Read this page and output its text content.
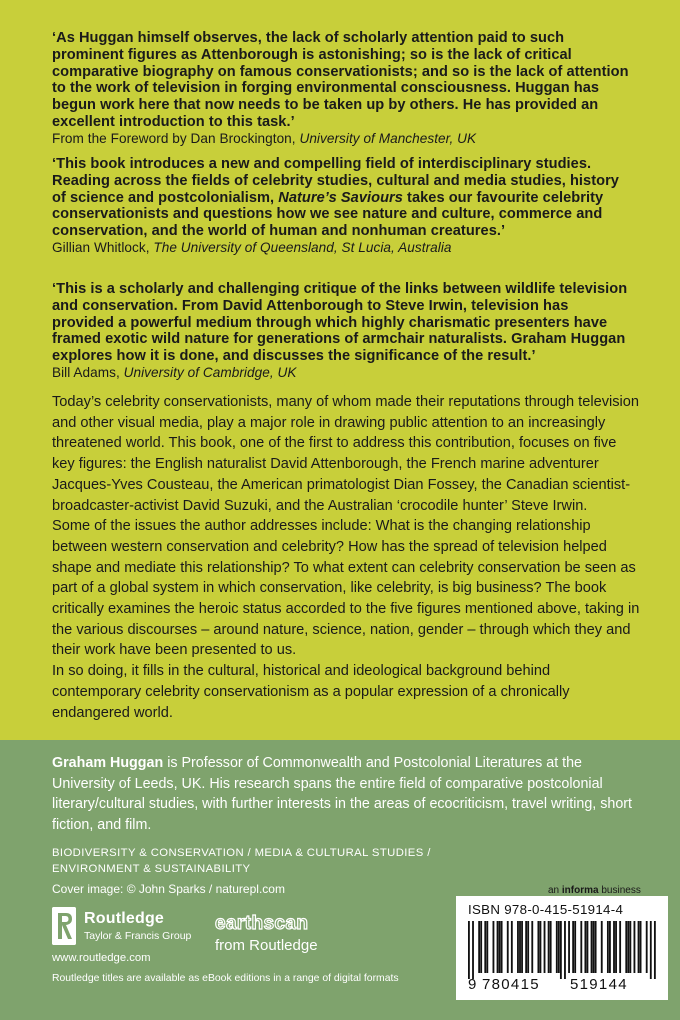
‘As Huggan himself observes, the lack of scholarly attention paid to such prominent figures as Attenborough is astonishing; so is the lack of critical comparative biography on famous conservationists; and so is the lack of attention to the work of television in forging environmental consciousness. Huggan has begun work here that now needs to be taken up by others. He has provided an excellent introduction to this task.’
From the Foreword by Dan Brockington, University of Manchester, UK
‘This book introduces a new and compelling field of interdisciplinary studies. Reading across the fields of celebrity studies, cultural and media studies, history of science and postcolonialism, Nature’s Saviours takes our favourite celebrity conservationists and questions how we see nature and culture, commerce and conservation, and the world of human and nonhuman creatures.’
Gillian Whitlock, The University of Queensland, St Lucia, Australia
‘This is a scholarly and challenging critique of the links between wildlife television and conservation. From David Attenborough to Steve Irwin, television has provided a powerful medium through which highly charismatic presenters have framed exotic wild nature for generations of armchair naturalists. Graham Huggan explores how it is done, and discusses the significance of the result.’
Bill Adams, University of Cambridge, UK
Today’s celebrity conservationists, many of whom made their reputations through television and other visual media, play a major role in drawing public attention to an increasingly threatened world. This book, one of the first to address this contribution, focuses on five key figures: the English naturalist David Attenborough, the French marine adventurer Jacques-Yves Cousteau, the American primatologist Dian Fossey, the Canadian scientist-broadcaster-activist David Suzuki, and the Australian ‘crocodile hunter’ Steve Irwin.
Some of the issues the author addresses include: What is the changing relationship between western conservation and celebrity? How has the spread of television helped shape and mediate this relationship? To what extent can celebrity conservation be seen as part of a global system in which conservation, like celebrity, is big business? The book critically examines the heroic status accorded to the five figures mentioned above, taking in the various discourses – around nature, science, nation, gender – through which they and their work have been presented to us.
In so doing, it fills in the cultural, historical and ideological background behind contemporary celebrity conservationism as a popular expression of a chronically endangered world.
Graham Huggan is Professor of Commonwealth and Postcolonial Literatures at the University of Leeds, UK. His research spans the entire field of comparative postcolonial literary/cultural studies, with further interests in the areas of ecocriticism, travel writing, short fiction, and film.
BIODIVERSITY & CONSERVATION / MEDIA & CULTURAL STUDIES /
ENVIRONMENT & SUSTAINABILITY
Cover image: © John Sparks / naturepl.com
Routledge
Taylor & Francis Group
earthscan
from Routledge
www.routledge.com
Routledge titles are available as eBook editions in a range of digital formats
an informa business
ISBN 978-0-415-51914-4
9 780415 519144
